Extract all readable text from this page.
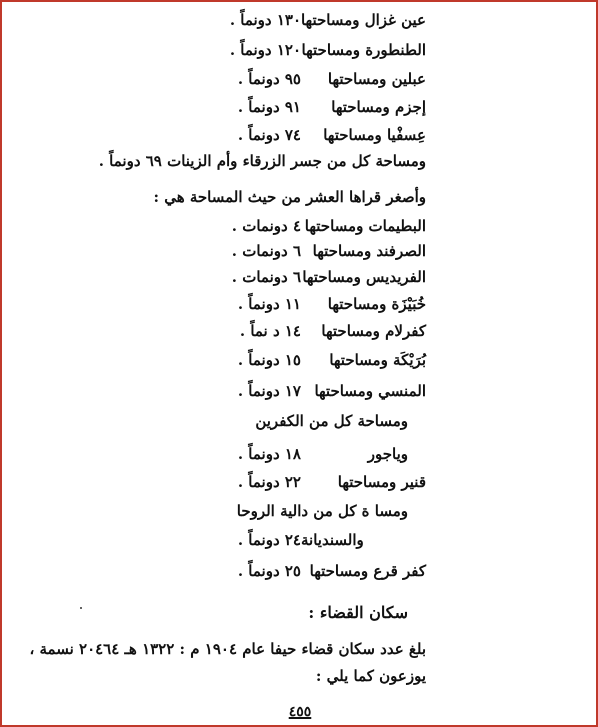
عين غزال ومساحتها
١٣٠ دونماً .
الطنطورة ومساحتها
١٢٠ دونماً .
عبلين ومساحتها
٩٥ دونماً .
إجزم ومساحتها
٩١ دونماً .
عِسفْيا ومساحتها
٧٤ دونماً .
ومساحة كل من جسر الزرقاء وأم الزينات ٦٩ دونماً .
وأصغر قراها العشر من حيث المساحة هي :
البطيمات ومساحتها
٤ دونمات .
الصرفند ومساحتها
٦ دونمات .
الفريديس ومساحتها
٦ دونمات .
خُبَيْزَة ومساحتها
١١ دونماً .
كفرلام ومساحتها
١٤ د نماً .
بُرَيْكَة ومساحتها
١٥ دونماً .
المنسي ومساحتها
١٧ دونماً .
ومساحة كل من الكفرين
وياجور
١٨ دونماً .
قنير ومساحتها
٢٢ دونماً .
ومسا ة كل من دالية الروحا
والسنديانة
٢٤ دونماً .
كفر قرع ومساحتها
٢٥ دونماً .
سكان القضاء :
بلغ عدد سكان قضاء حيفا عام ١٩٠٤ م : ١٣٢٢ هـ ٢٠٤٦٤ نسمة ،
يوزعون كما يلي :
٤٥٥
